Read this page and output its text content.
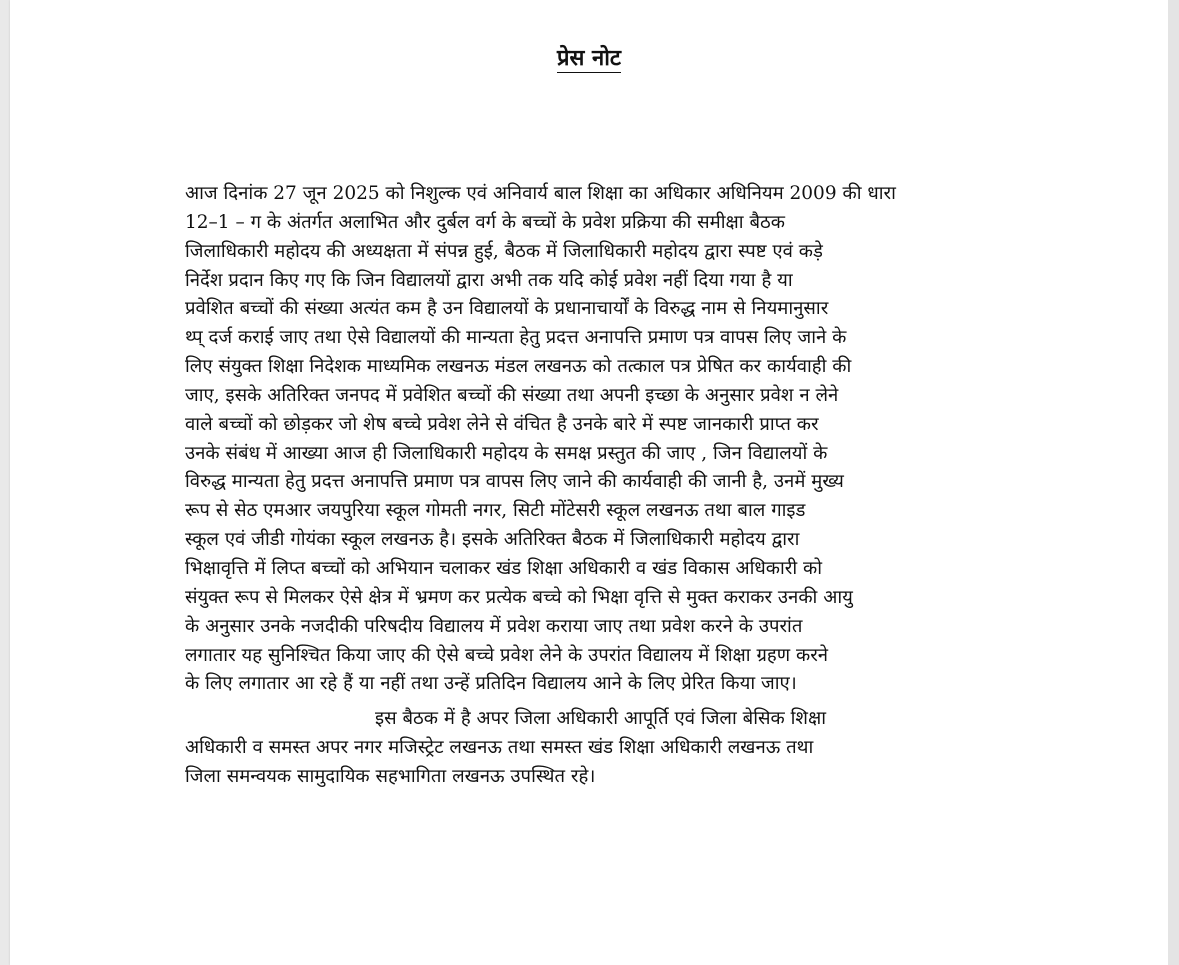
प्रेस नोट
आज दिनांक 27 जून 2025 को निशुल्क एवं अनिवार्य बाल शिक्षा का अधिकार अधिनियम 2009 की धारा
12–1 – ग के अंतर्गत अलाभित और दुर्बल वर्ग के बच्चों के प्रवेश प्रक्रिया की समीक्षा बैठक
जिलाधिकारी महोदय की अध्यक्षता में संपन्न हुई, बैठक में जिलाधिकारी महोदय द्वारा स्पष्ट एवं कड़े
निर्देश प्रदान किए गए कि जिन विद्यालयों द्वारा अभी तक यदि कोई प्रवेश नहीं दिया गया है या
प्रवेशित बच्चों की संख्या अत्यंत कम है उन विद्यालयों के प्रधानाचार्यों के विरुद्ध नाम से नियमानुसार
थ्प् दर्ज कराई जाए तथा ऐसे विद्यालयों की मान्यता हेतु प्रदत्त अनापत्ति प्रमाण पत्र वापस लिए जाने के
लिए संयुक्त शिक्षा निदेशक माध्यमिक लखनऊ मंडल लखनऊ को तत्काल पत्र प्रेषित कर कार्यवाही की
जाए, इसके अतिरिक्त जनपद में प्रवेशित बच्चों की संख्या तथा अपनी इच्छा के अनुसार प्रवेश न लेने
वाले बच्चों को छोड़कर जो शेष बच्चे प्रवेश लेने से वंचित है उनके बारे में स्पष्ट जानकारी प्राप्त कर
उनके संबंध में आख्या आज ही जिलाधिकारी महोदय के समक्ष प्रस्तुत की जाए , जिन विद्यालयों के
विरुद्ध मान्यता हेतु प्रदत्त अनापत्ति प्रमाण पत्र वापस लिए जाने की कार्यवाही की जानी है, उनमें मुख्य
रूप से सेठ एमआर जयपुरिया स्कूल गोमती नगर, सिटी मोंटेसरी स्कूल लखनऊ तथा बाल गाइड
स्कूल एवं जीडी गोयंका स्कूल लखनऊ है। इसके अतिरिक्त बैठक में जिलाधिकारी महोदय द्वारा
भिक्षावृत्ति में लिप्त बच्चों को अभियान चलाकर खंड शिक्षा अधिकारी व खंड विकास अधिकारी को
संयुक्त रूप से मिलकर ऐसे क्षेत्र में भ्रमण कर प्रत्येक बच्चे को भिक्षा वृत्ति से मुक्त कराकर उनकी आयु
के अनुसार उनके नजदीकी परिषदीय विद्यालय में प्रवेश कराया जाए तथा प्रवेश करने के उपरांत
लगातार यह सुनिश्चित किया जाए की ऐसे बच्चे प्रवेश लेने के उपरांत विद्यालय में शिक्षा ग्रहण करने
के लिए लगातार आ रहे हैं या नहीं तथा उन्हें प्रतिदिन विद्यालय आने के लिए प्रेरित किया जाए।
इस बैठक में है अपर जिला अधिकारी आपूर्ति एवं जिला बेसिक शिक्षा
अधिकारी व समस्त अपर नगर मजिस्ट्रेट लखनऊ तथा समस्त खंड शिक्षा अधिकारी लखनऊ तथा
जिला समन्वयक सामुदायिक सहभागिता लखनऊ उपस्थित रहे।
